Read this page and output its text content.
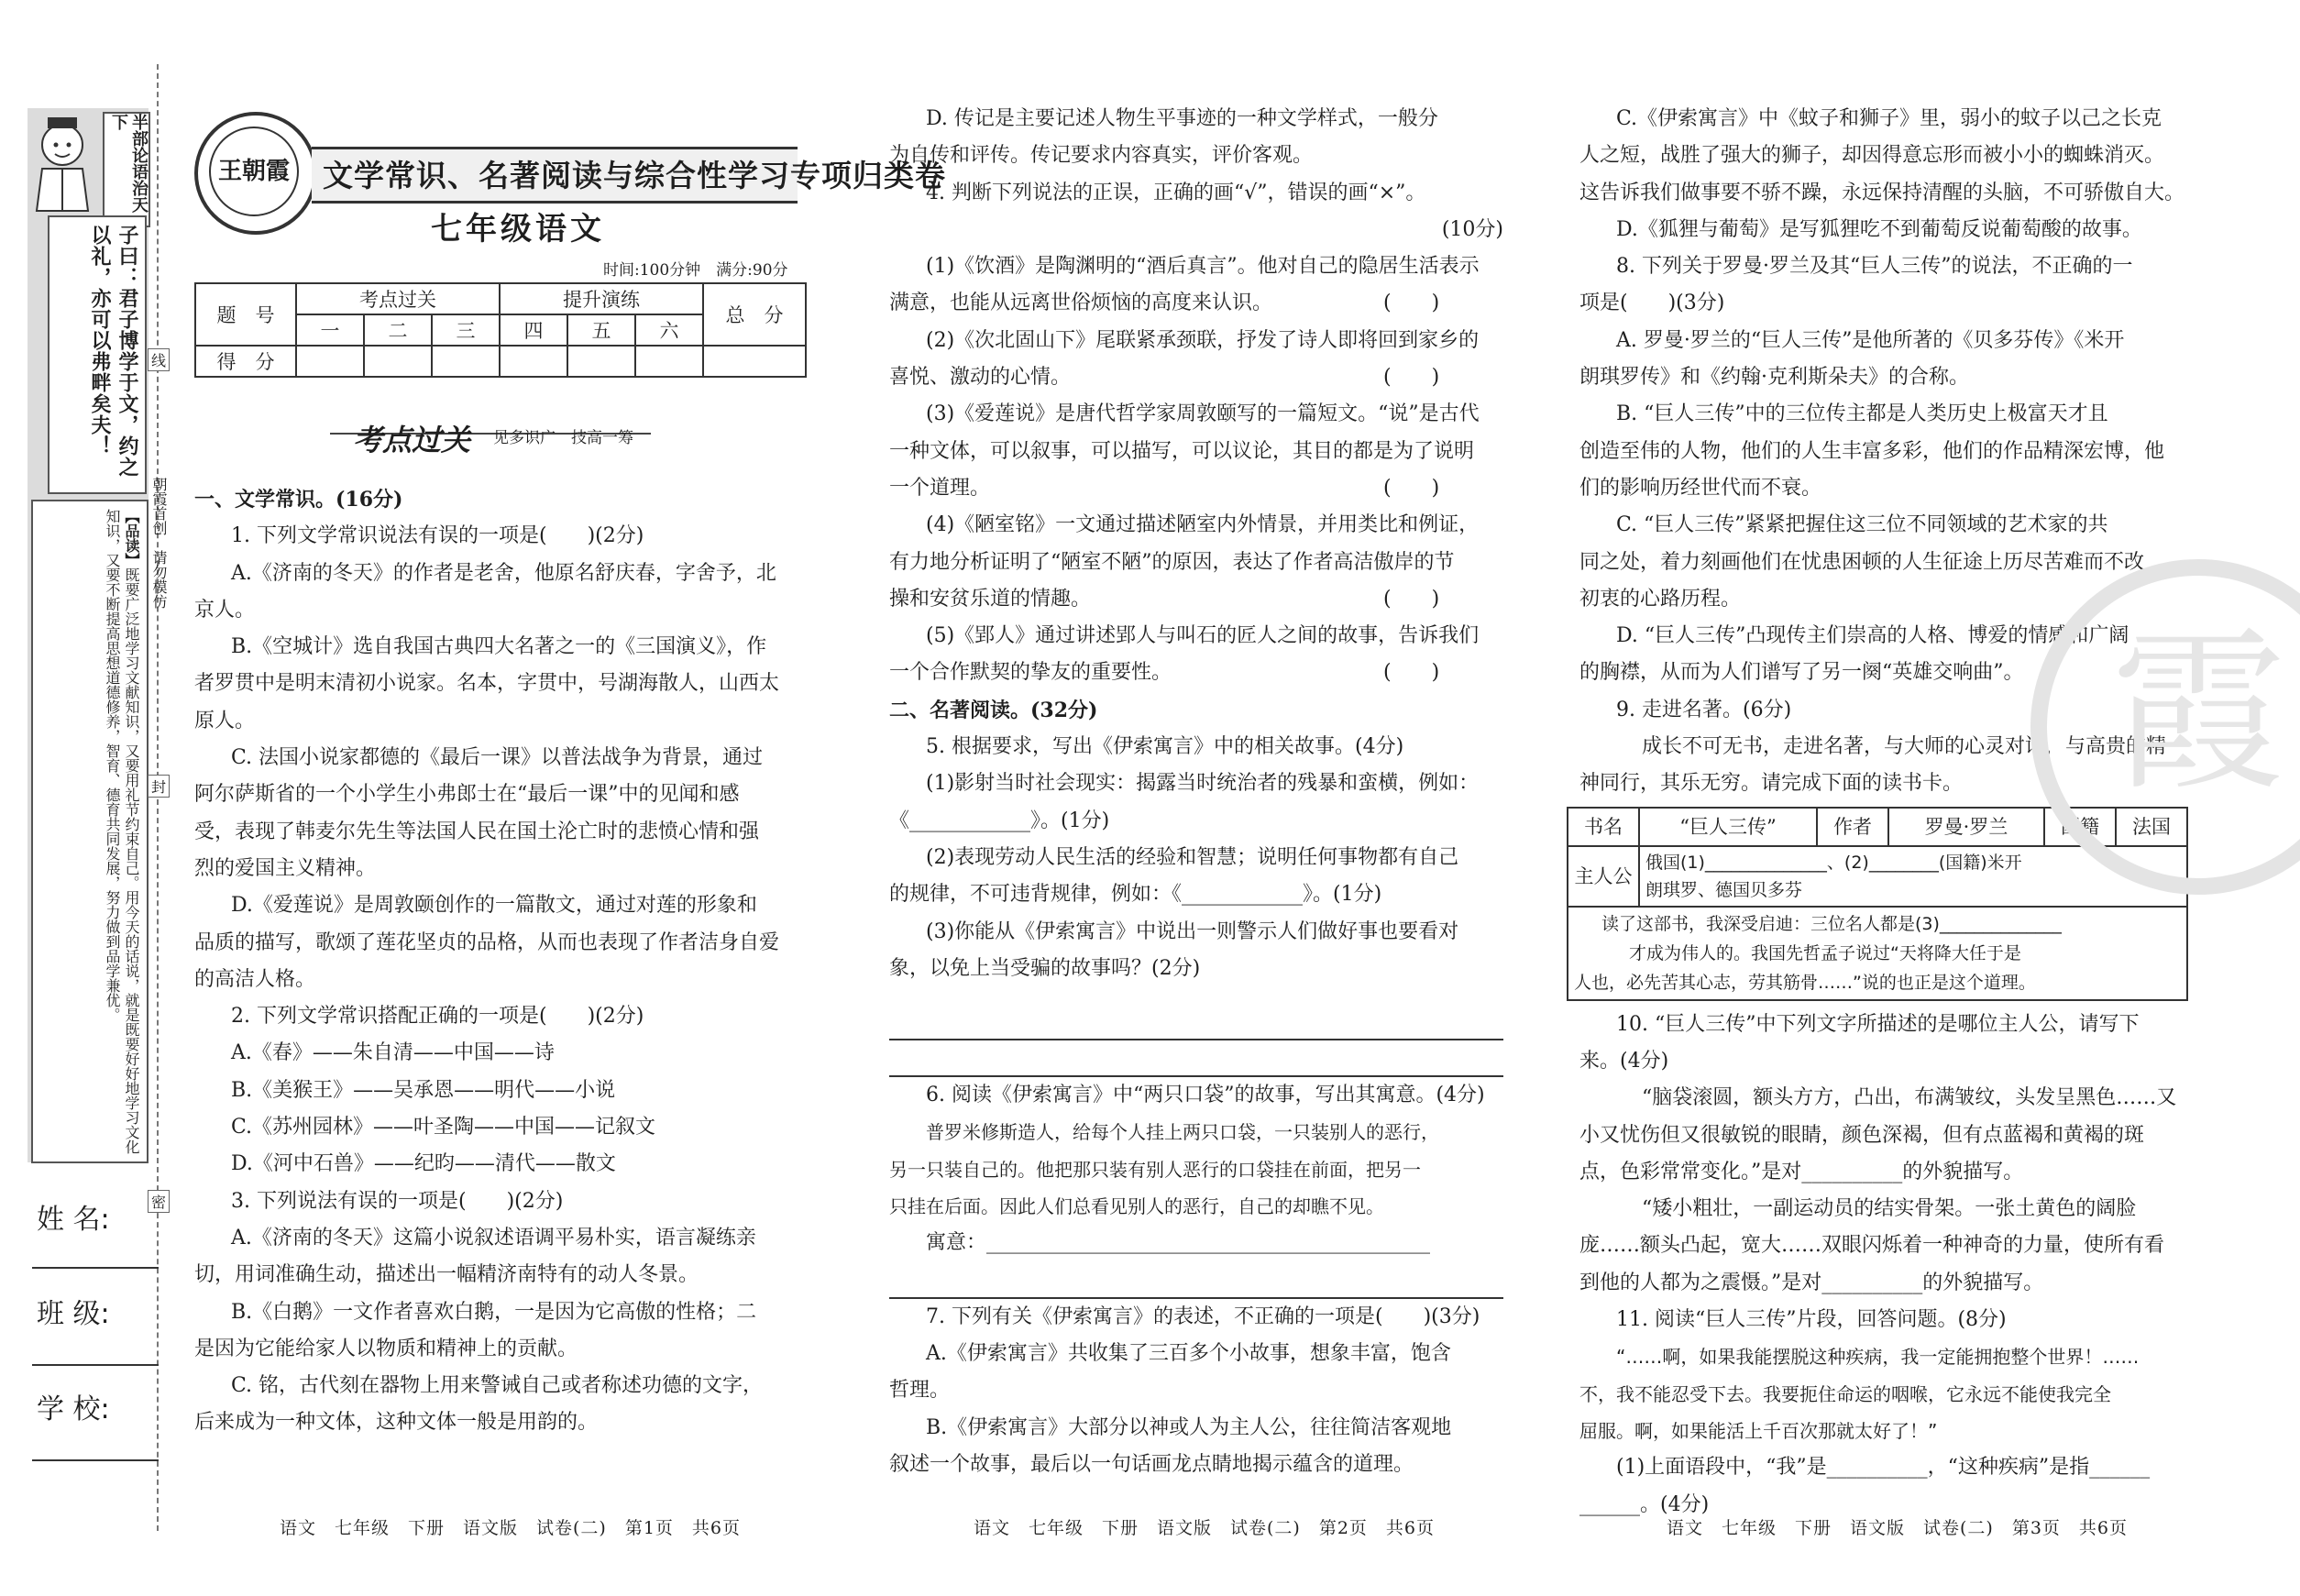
半部论语治天下
子曰：君子博学于文，约之以礼，亦可以弗畔矣夫！
【品读】既要广泛地学习文献知识，又要用礼节约束自己。用今天的话说，就是既要好好地学习文化知识，又要不断提高思想道德修养，智育、德育共同发展，努力做到品学兼优。
线
封
密
朝霞首创　请勿模仿
姓 名:
班 级:
学 校:
王朝霞	文学常识、名著阅读与综合性学习专项归类卷
七年级语文
时间:100分钟　满分:90分
题　号	考点过关			提升演练			总　分
	一	二	三	四	五	六	
得　分							
考点过关 见多识广　技高一筹

一、文学常识。(16分)

1. 下列文学常识说法有误的一项是(　　)(2分)

A.《济南的冬天》的作者是老舍，他原名舒庆春，字舍予，北

京人。

B.《空城计》选自我国古典四大名著之一的《三国演义》，作

者罗贯中是明末清初小说家。名本，字贯中，号湖海散人，山西太

原人。

C. 法国小说家都德的《最后一课》以普法战争为背景，通过

阿尔萨斯省的一个小学生小弗郎士在“最后一课”中的见闻和感

受，表现了韩麦尔先生等法国人民在国土沦亡时的悲愤心情和强

烈的爱国主义精神。

D.《爱莲说》是周敦颐创作的一篇散文，通过对莲的形象和

品质的描写，歌颂了莲花坚贞的品格，从而也表现了作者洁身自爱

的高洁人格。

2. 下列文学常识搭配正确的一项是(　　)(2分)

A.《春》——朱自清——中国——诗

B.《美猴王》——吴承恩——明代——小说

C.《苏州园林》——叶圣陶——中国——记叙文

D.《河中石兽》——纪昀——清代——散文

3. 下列说法有误的一项是(　　)(2分)

A.《济南的冬天》这篇小说叙述语调平易朴实，语言凝练亲

切，用词准确生动，描述出一幅精济南特有的动人冬景。

B.《白鹅》一文作者喜欢白鹅，一是因为它高傲的性格；二

是因为它能给家人以物质和精神上的贡献。

C. 铭，古代刻在器物上用来警诫自己或者称述功德的文字，

后来成为一种文体，这种文体一般是用韵的。

D. 传记是主要记述人物生平事迹的一种文学样式，一般分

为自传和评传。传记要求内容真实，评价客观。

4. 判断下列说法的正误，正确的画“√”，错误的画“×”。

(10分)

(1)《饮酒》是陶渊明的“酒后真言”。他对自己的隐居生活表示

满意，也能从远离世俗烦恼的高度来认识。　　　　　　(　　)

(2)《次北固山下》尾联紧承颈联，抒发了诗人即将回到家乡的

喜悦、激动的心情。　　　　　　　　　　　　　　　　(　　)

(3)《爱莲说》是唐代哲学家周敦颐写的一篇短文。“说”是古代

一种文体，可以叙事，可以描写，可以议论，其目的都是为了说明

一个道理。　　　　　　　　　　　　　　　　　　　　(　　)

(4)《陋室铭》一文通过描述陋室内外情景，并用类比和例证，

有力地分析证明了“陋室不陋”的原因，表达了作者高洁傲岸的节

操和安贫乐道的情趣。　　　　　　　　　　　　　　　(　　)

(5)《郢人》通过讲述郢人与叫石的匠人之间的故事，告诉我们

一个合作默契的挚友的重要性。　　　　　　　　　　　(　　)

二、名著阅读。(32分)

5. 根据要求，写出《伊索寓言》中的相关故事。(4分)

(1)影射当时社会现实：揭露当时统治者的残暴和蛮横，例如：

《____________》。(1分)

(2)表现劳动人民生活的经验和智慧；说明任何事物都有自己

的规律，不可违背规律，例如：《____________》。(1分)

(3)你能从《伊索寓言》中说出一则警示人们做好事也要看对

象，以免上当受骗的故事吗？(2分)

6. 阅读《伊索寓言》中“两只口袋”的故事，写出其寓意。(4分)

普罗米修斯造人，给每个人挂上两只口袋，一只装别人的恶行，

另一只装自己的。他把那只装有别人恶行的口袋挂在前面，把另一

只挂在后面。因此人们总看见别人的恶行，自己的却瞧不见。

寓意：____________________________________________

7. 下列有关《伊索寓言》的表述，不正确的一项是(　　)(3分)

A.《伊索寓言》共收集了三百多个小故事，想象丰富，饱含

哲理。

B.《伊索寓言》大部分以神或人为主人公，往往简洁客观地

叙述一个故事，最后以一句话画龙点睛地揭示蕴含的道理。

C.《伊索寓言》中《蚊子和狮子》里，弱小的蚊子以己之长克

人之短，战胜了强大的狮子，却因得意忘形而被小小的蜘蛛消灭。

这告诉我们做事要不骄不躁，永远保持清醒的头脑，不可骄傲自大。

D.《狐狸与葡萄》是写狐狸吃不到葡萄反说葡萄酸的故事。

8. 下列关于罗曼·罗兰及其“巨人三传”的说法，不正确的一

项是(　　)(3分)

A. 罗曼·罗兰的“巨人三传”是他所著的《贝多芬传》《米开

朗琪罗传》和《约翰·克利斯朵夫》的合称。

B. “巨人三传”中的三位传主都是人类历史上极富天才且

创造至伟的人物，他们的人生丰富多彩，他们的作品精深宏博，他

们的影响历经世代而不衰。

C. “巨人三传”紧紧把握住这三位不同领域的艺术家的共

同之处，着力刻画他们在忧患困顿的人生征途上历尽苦难而不改

初衷的心路历程。

D. “巨人三传”凸现传主们崇高的人格、博爱的情感和广阔

的胸襟，从而为人们谱写了另一阕“英雄交响曲”。

9. 走进名著。(6分)

成长不可无书，走进名著，与大师的心灵对话，与高贵的精

神同行，其乐无穷。请完成下面的读书卡。

书名	“巨人三传”	作者	罗曼·罗兰	国籍	法国
主人公	俄国(1)______________、(2)________(国籍)米开
朗琪罗、德国贝多芬				

读了这部书，我深受启迪：三位名人都是(3)______________
才成为伟人的。我国先哲孟子说过“天将降大任于是
人也，必先苦其心志，劳其筋骨……”说的也正是这个道理。					

10. “巨人三传”中下列文字所描述的是哪位主人公，请写下

来。(4分)

“脑袋滚圆，额头方方，凸出，布满皱纹，头发呈黑色……又

小又忧伤但又很敏锐的眼睛，颜色深褐，但有点蓝褐和黄褐的斑

点，色彩常常变化。”是对__________的外貌描写。

“矮小粗壮，一副运动员的结实骨架。一张土黄色的阔脸

庞……额头凸起，宽大……双眼闪烁着一种神奇的力量，使所有看

到他的人都为之震慑。”是对__________的外貌描写。

11. 阅读“巨人三传”片段，回答问题。(8分)

“……啊，如果我能摆脱这种疾病，我一定能拥抱整个世界！……

不，我不能忍受下去。我要扼住命运的咽喉，它永远不能使我完全

屈服。啊，如果能活上千百次那就太好了！”

(1)上面语段中，“我”是__________，“这种疾病”是指______

______。(4分)

霞
语文　七年级　下册　语文版　试卷(二)　第1页　共6页	语文　七年级　下册　语文版　试卷(二)　第2页　共6页	语文　七年级　下册　语文版　试卷(二)　第3页　共6页
